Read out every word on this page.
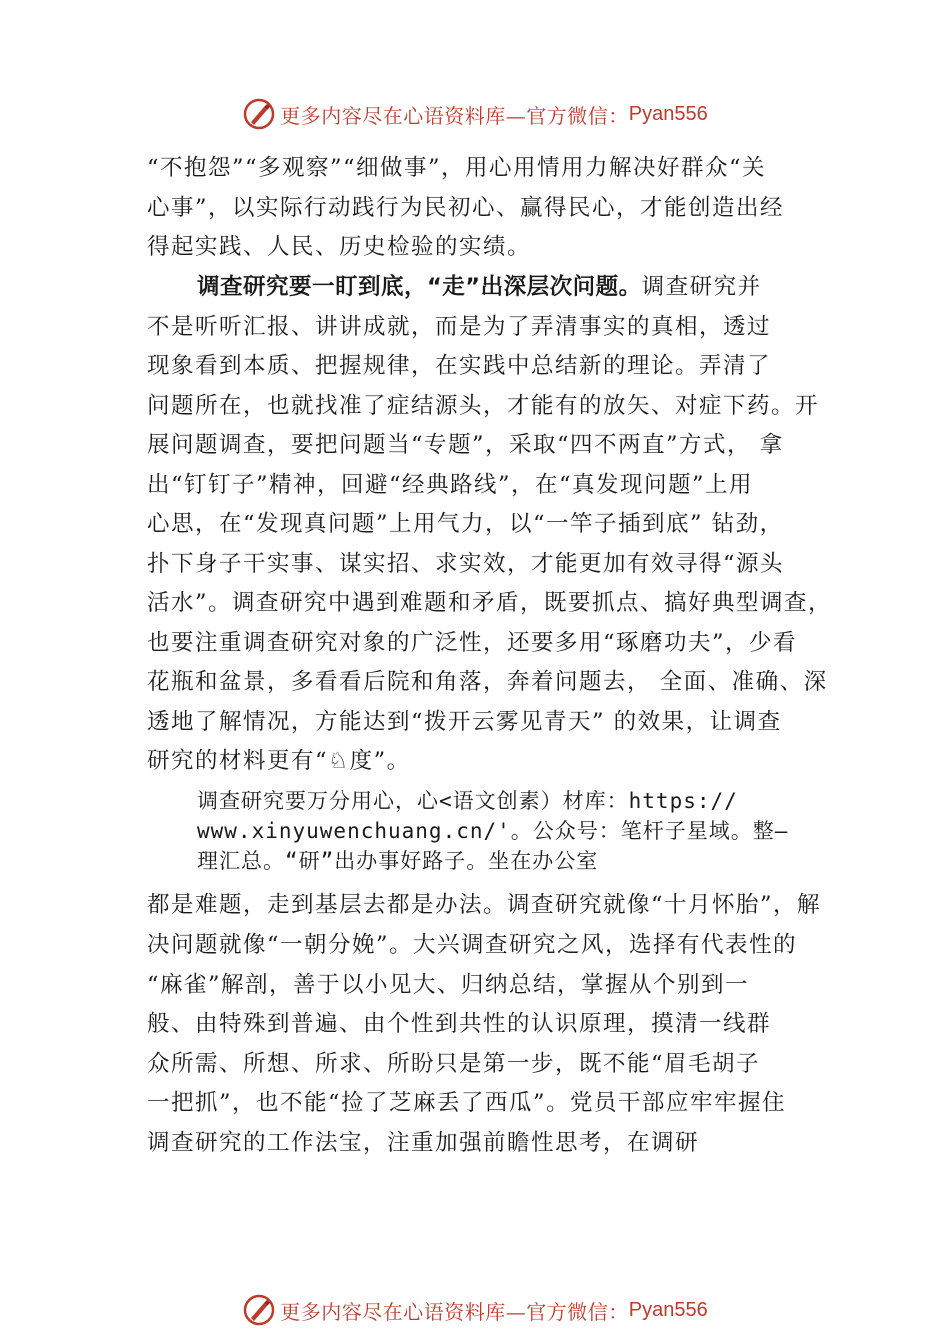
更多内容尽在心语资料库—官方微信： Pyan556
“不抱怨”“多观察”“细做事”，用心用情用力解决好群众“关
心事”，以实际行动践行为民初心、赢得民心，才能创造出经
得起实践、人民、历史检验的实绩。
调查研究要一盯到底，“走”出深层次问题。调查研究并
不是听听汇报、讲讲成就，而是为了弄清事实的真相，透过
现象看到本质、把握规律，在实践中总结新的理论。弄清了
问题所在，也就找准了症结源头，才能有的放矢、对症下药。开
展问题调查，要把问题当“专题”，采取“四不两直”方式， 拿
出“钉钉子”精神，回避“经典路线”，在“真发现问题”上用
心思，在“发现真问题”上用气力，以“一竿子插到底” 钻劲，
扑下身子干实事、谋实招、求实效，才能更加有效寻得“源头
活水”。调查研究中遇到难题和矛盾，既要抓点、搞好典型调查，
也要注重调查研究对象的广泛性，还要多用“琢磨功夫”，少看
花瓶和盆景，多看看后院和角落，奔着问题去， 全面、准确、深
透地了解情况，方能达到“拨开云雾见青天” 的效果，让调查
研究的材料更有“♘度”。
调查研究要万分用心，心<语文创素）材库：https://
www.xinyuwenchuang.cn/'。公众号：笔杆子星域。整—
理汇总。“研”出办事好路子。坐在办公室
都是难题，走到基层去都是办法。调查研究就像“十月怀胎”，解
决问题就像“一朝分娩”。大兴调查研究之风，选择有代表性的
“麻雀”解剖，善于以小见大、归纳总结，掌握从个别到一
般、由特殊到普遍、由个性到共性的认识原理，摸清一线群
众所需、所想、所求、所盼只是第一步，既不能“眉毛胡子
一把抓”，也不能“捡了芝麻丢了西瓜”。党员干部应牢牢握住
调查研究的工作法宝，注重加强前瞻性思考，在调研
更多内容尽在心语资料库—官方微信： Pyan556
